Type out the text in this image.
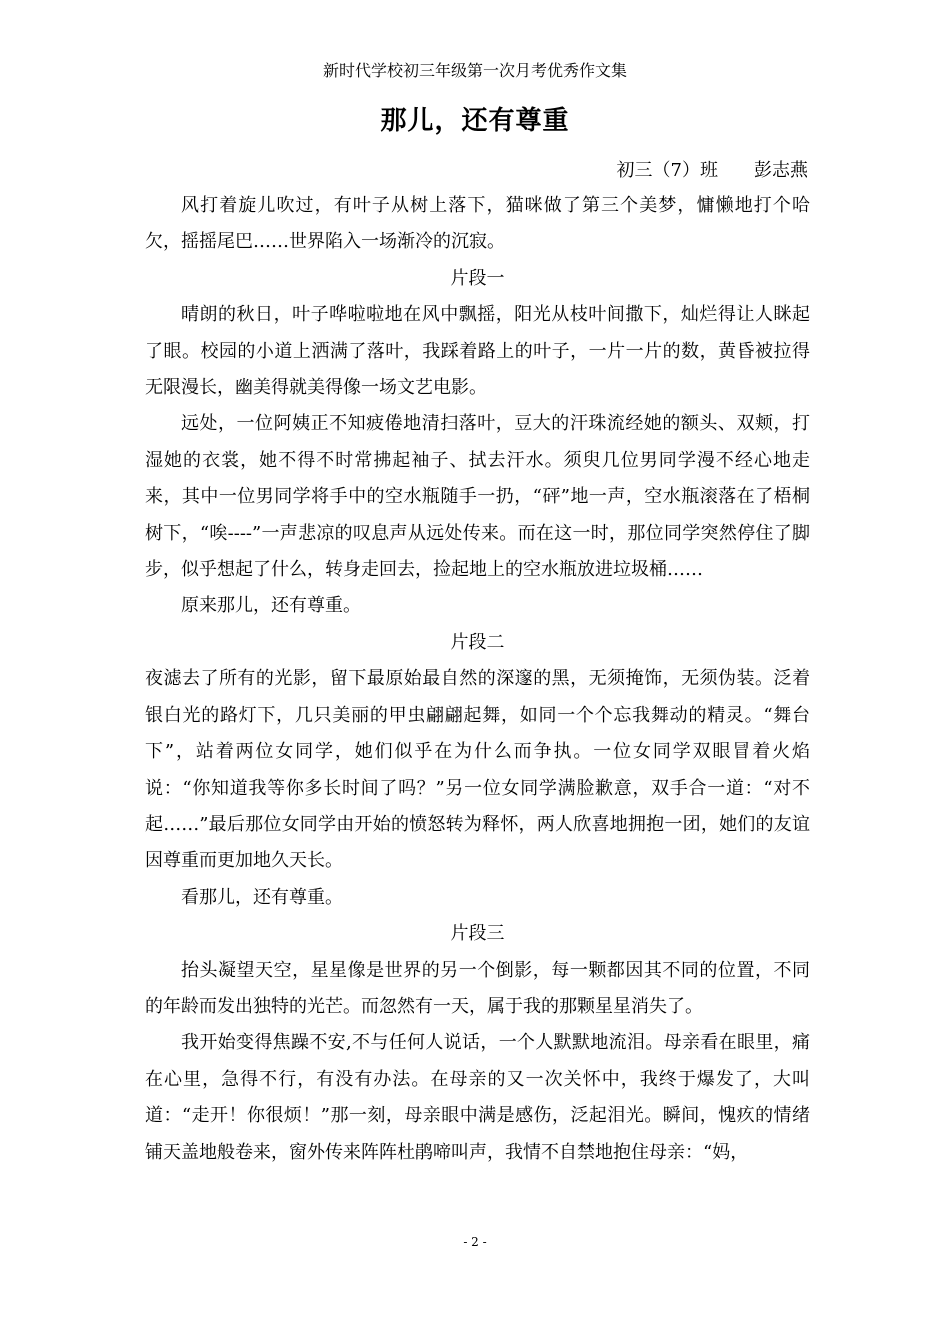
新时代学校初三年级第一次月考优秀作文集
那儿，还有尊重
初三（7）班　　彭志燕

风打着旋儿吹过，有叶子从树上落下，猫咪做了第三个美梦，慵懒地打个哈欠，摇摇尾巴……世界陷入一场渐冷的沉寂。

片段一

晴朗的秋日，叶子哗啦啦地在风中飘摇，阳光从枝叶间撒下，灿烂得让人眯起了眼。校园的小道上洒满了落叶，我踩着路上的叶子，一片一片的数，黄昏被拉得无限漫长，幽美得就美得像一场文艺电影。

远处，一位阿姨正不知疲倦地清扫落叶，豆大的汗珠流经她的额头、双颊，打湿她的衣裳，她不得不时常拂起袖子、拭去汗水。须臾几位男同学漫不经心地走来，其中一位男同学将手中的空水瓶随手一扔，“砰”地一声，空水瓶滚落在了梧桐树下，“唉----”一声悲凉的叹息声从远处传来。而在这一时，那位同学突然停住了脚步，似乎想起了什么，转身走回去，捡起地上的空水瓶放进垃圾桶……

原来那儿，还有尊重。

片段二

夜滤去了所有的光影，留下最原始最自然的深邃的黑，无须掩饰，无须伪装。泛着银白光的路灯下，几只美丽的甲虫翩翩起舞，如同一个个忘我舞动的精灵。“舞台下”，站着两位女同学，她们似乎在为什么而争执。一位女同学双眼冒着火焰说：“你知道我等你多长时间了吗？”另一位女同学满脸歉意，双手合一道：“对不起……”最后那位女同学由开始的愤怒转为释怀，两人欣喜地拥抱一团，她们的友谊因尊重而更加地久天长。

看那儿，还有尊重。

片段三

抬头凝望天空，星星像是世界的另一个倒影，每一颗都因其不同的位置，不同的年龄而发出独特的光芒。而忽然有一天，属于我的那颗星星消失了。

我开始变得焦躁不安,不与任何人说话，一个人默默地流泪。母亲看在眼里，痛在心里，急得不行，有没有办法。在母亲的又一次关怀中，我终于爆发了，大叫道：“走开！你很烦！”那一刻，母亲眼中满是感伤，泛起泪光。瞬间，愧疚的情绪铺天盖地般卷来，窗外传来阵阵杜鹃啼叫声，我情不自禁地抱住母亲：“妈，

- 2 -
